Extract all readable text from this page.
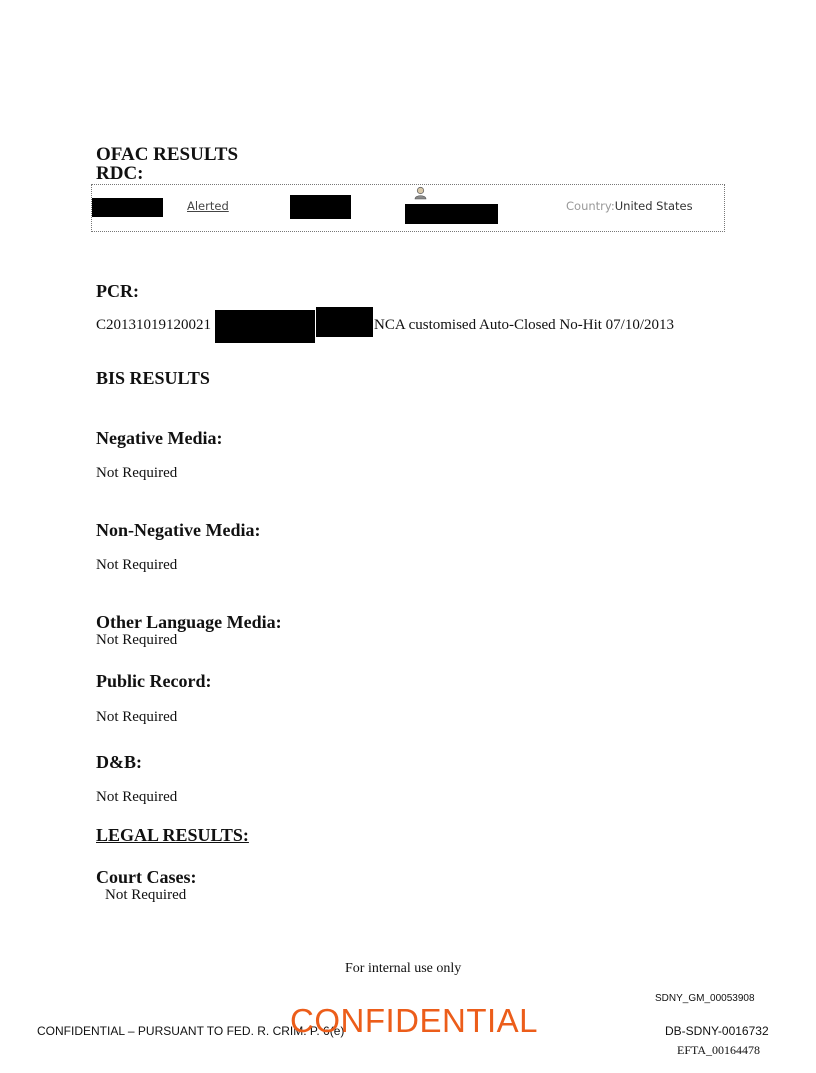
OFAC RESULTS
RDC:
Alerted	Country:United States
PCR:
C20131019120021	NCA customised Auto-Closed No-Hit 07/10/2013
BIS RESULTS
Negative Media:
Not Required
Non-Negative Media:
Not Required
Other Language Media:
Not Required
Public Record:
Not Required
D&B:
Not Required
LEGAL RESULTS:
Court Cases:
Not Required
For internal use only
SDNY_GM_00053908
CONFIDENTIAL – PURSUANT TO FED. R. CRIM. P. 6(e)
CONFIDENTIAL	DB-SDNY-0016732
EFTA_00164478
